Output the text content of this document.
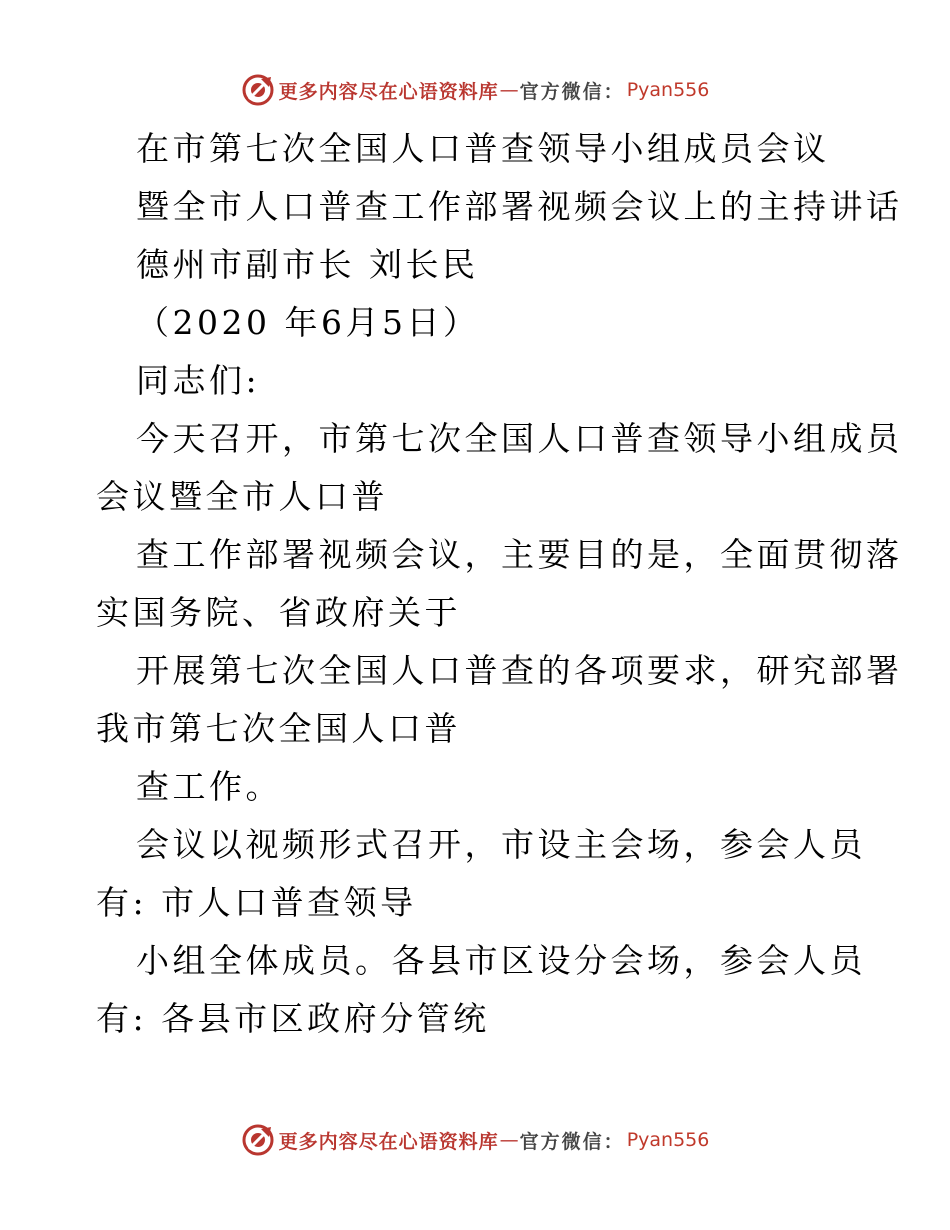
更多内容尽在心语资料库 — 官方微信： Pyan556
在市第七次全国人口普查领导小组成员会议
暨全市人口普查工作部署视频会议上的主持讲话
德州市副市长 刘长民
（2020 年6月5日）
同志们:
今天召开，市第七次全国人口普查领导小组成员
会议暨全市人口普
查工作部署视频会议，主要目的是，全面贯彻落
实国务院、省政府关于
开展第七次全国人口普查的各项要求，研究部署
我市第七次全国人口普
查工作。
会议以视频形式召开，市设主会场，参会人员
有: 市人口普查领导
小组全体成员。各县市区设分会场，参会人员
有: 各县市区政府分管统
更多内容尽在心语资料库 — 官方微信： Pyan556
